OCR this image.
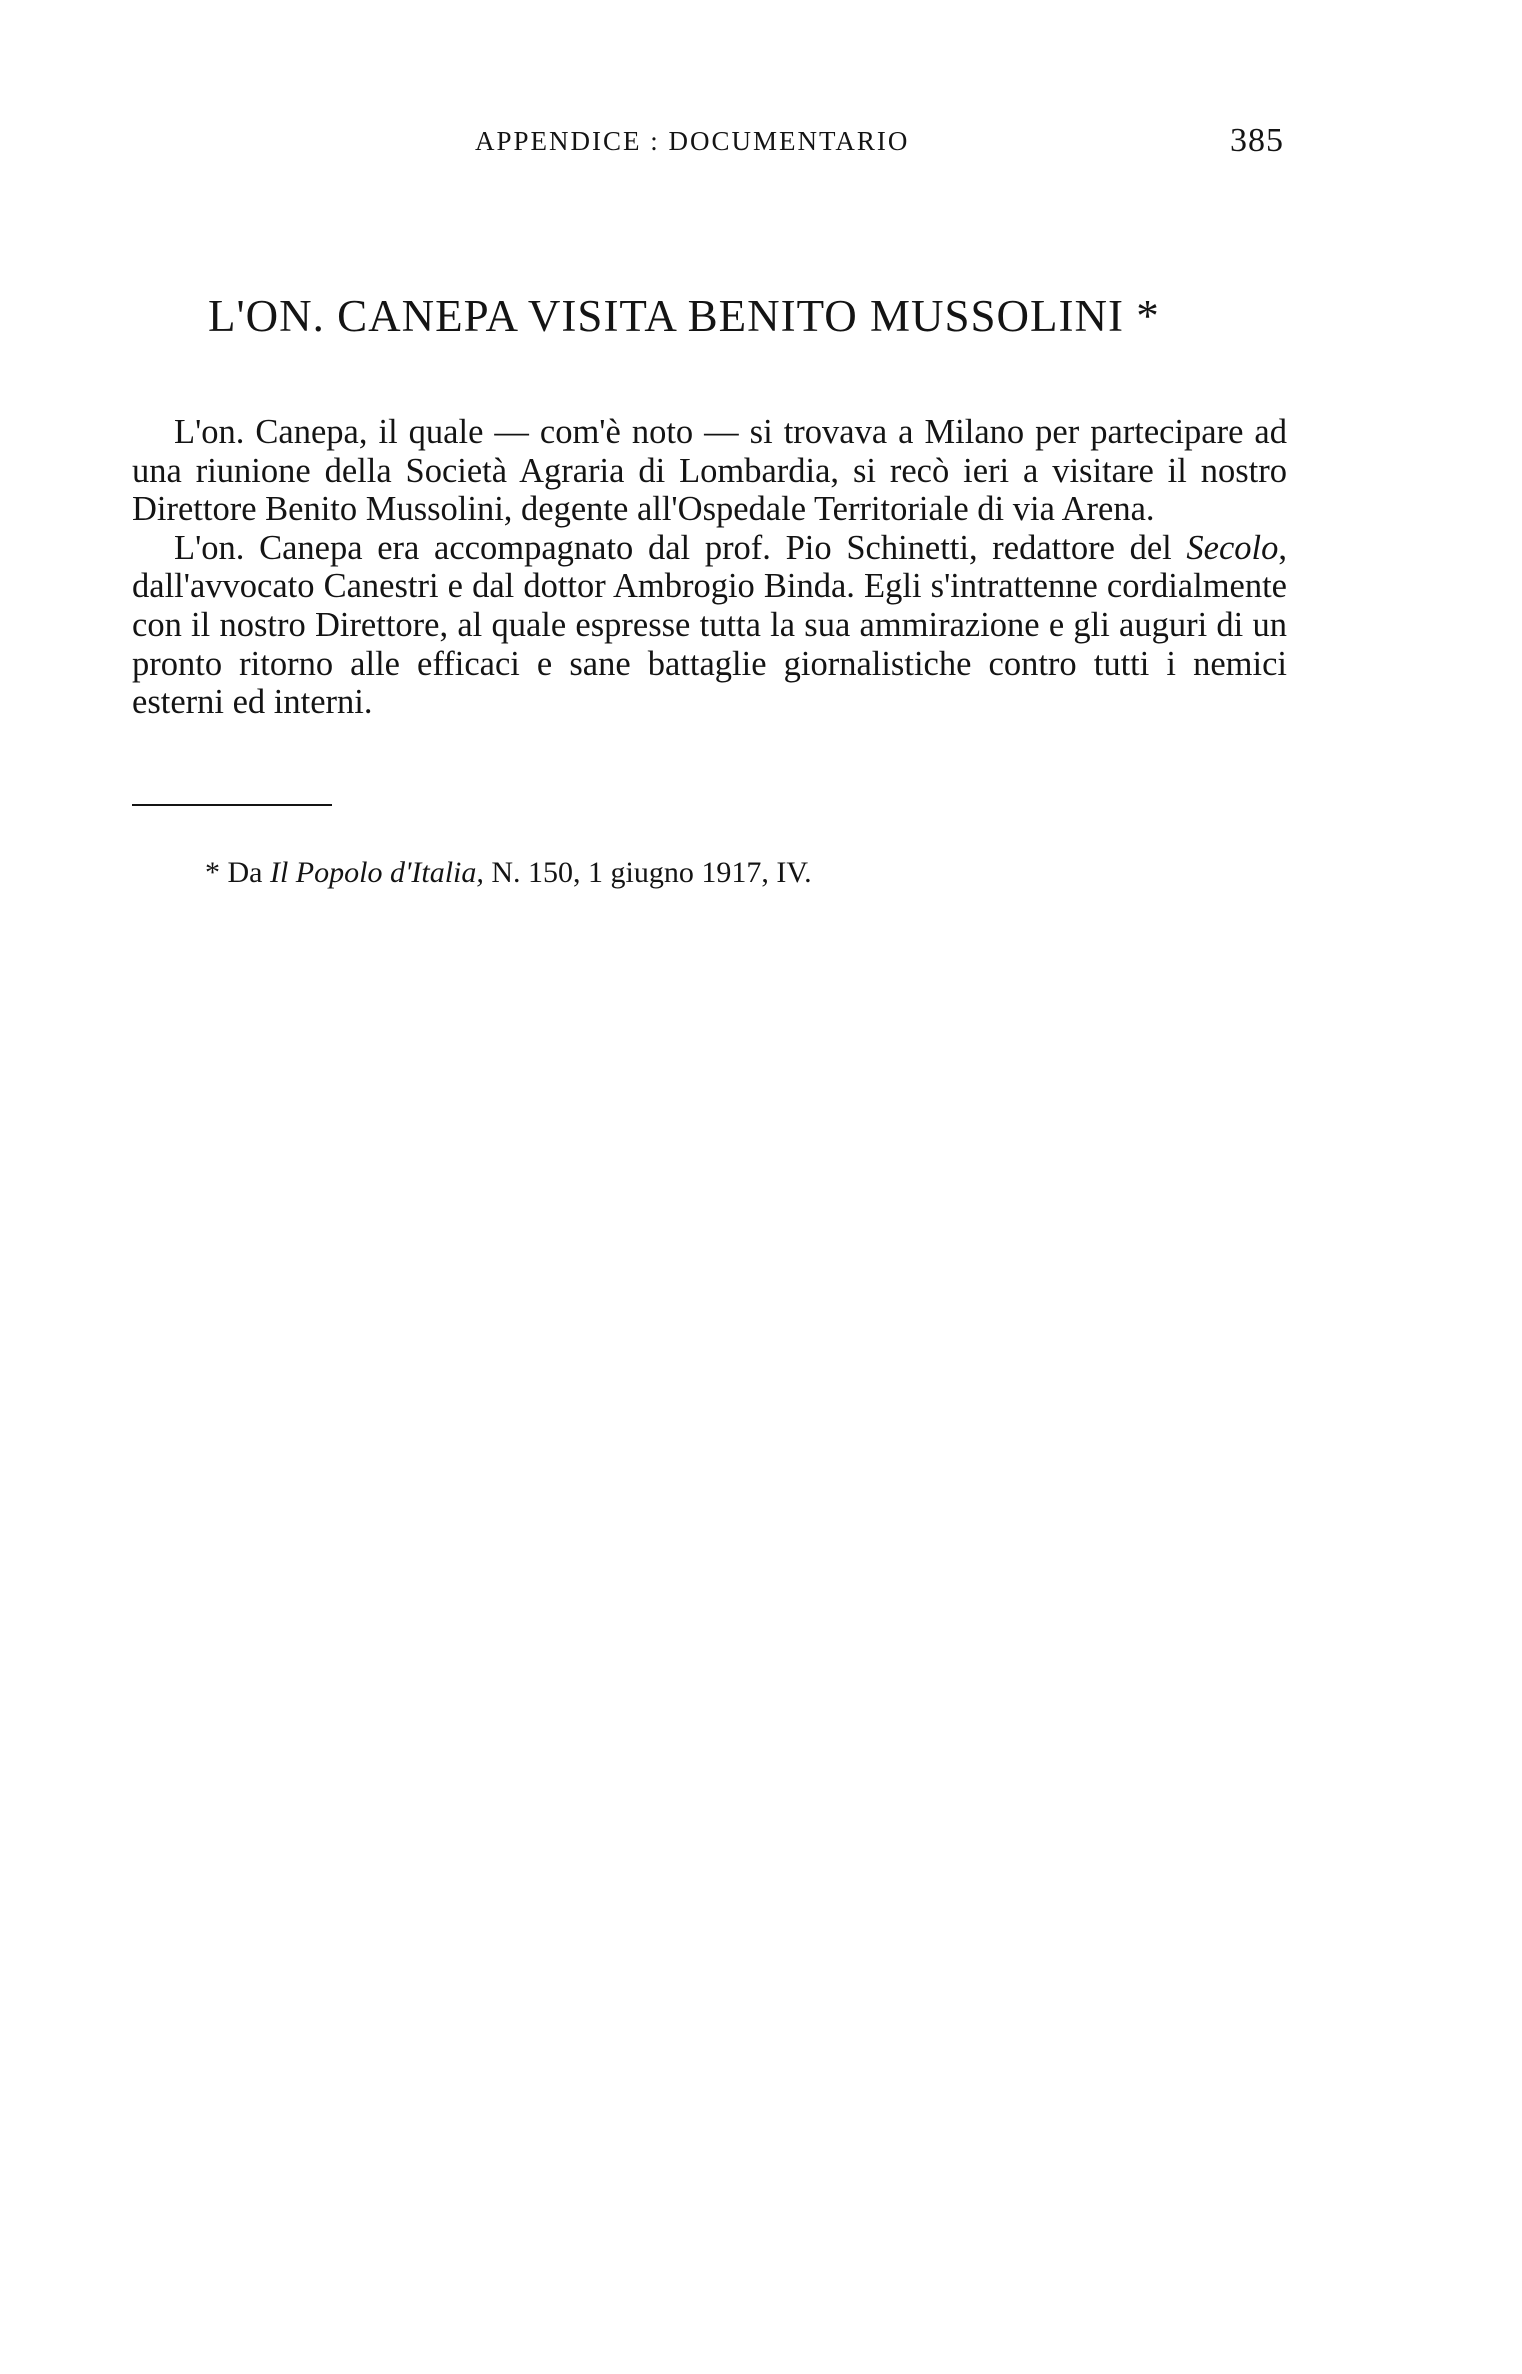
APPENDICE : DOCUMENTARIO	385
L'ON. CANEPA VISITA BENITO MUSSOLINI *

L'on. Canepa, il quale — com'è noto — si trovava a Milano per partecipare ad una riunione della Società Agraria di Lombardia, si recò ieri a visitare il nostro Direttore Benito Mussolini, degente all'Ospedale Territoriale di via Arena.

L'on. Canepa era accompagnato dal prof. Pio Schinetti, redattore del Secolo, dall'avvocato Canestri e dal dottor Ambrogio Binda. Egli s'intrattenne cordialmente con il nostro Direttore, al quale espresse tutta la sua ammirazione e gli auguri di un pronto ritorno alle efficaci e sane battaglie giornalistiche contro tutti i nemici esterni ed interni.

* Da Il Popolo d'Italia, N. 150, 1 giugno 1917, IV.
